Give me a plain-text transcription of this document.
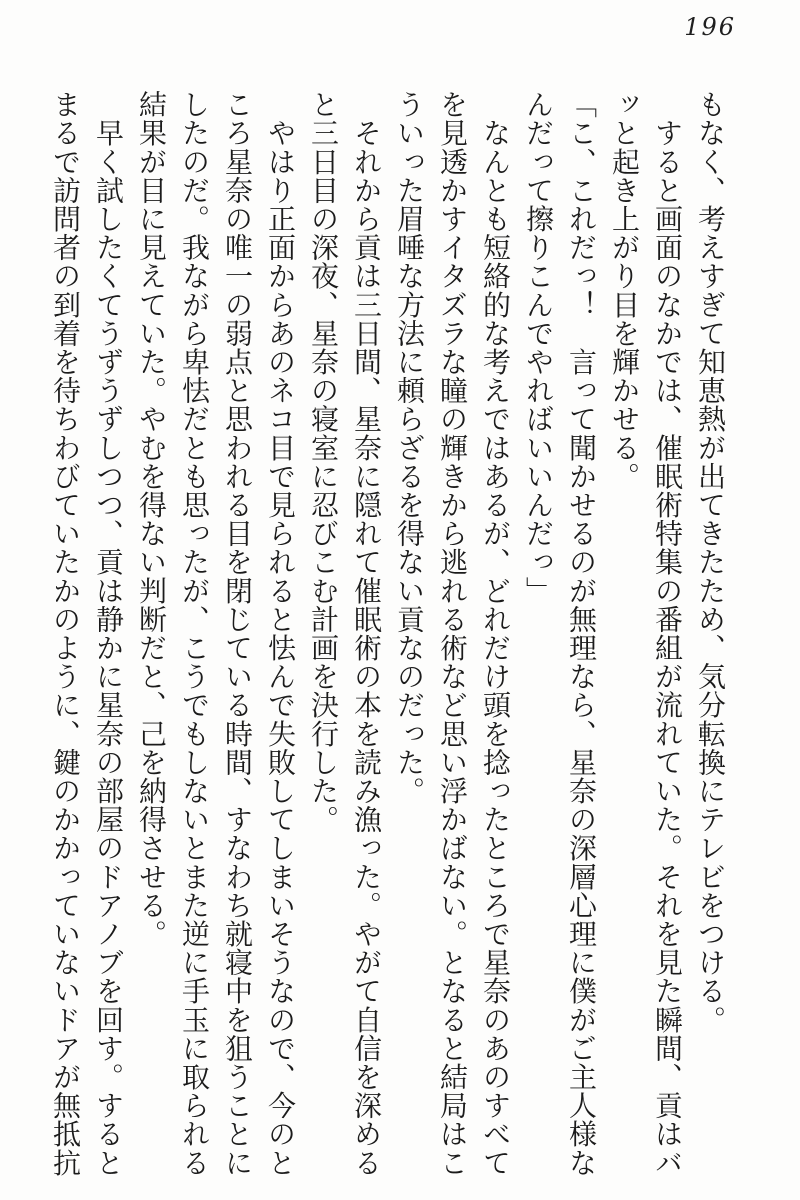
196

もなく、考えすぎて知恵熱が出てきたため、気分転換にテレビをつける。

　すると画面のなかでは、催眠術特集の番組が流れていた。それを見た瞬間、貢はバ

ッと起き上がり目を輝かせる。

「こ、これだっ！　言って聞かせるのが無理なら、星奈の深層心理に僕がご主人様な

んだって擦りこんでやればいいんだっ」

　なんとも短絡的な考えではあるが、どれだけ頭を捻ったところで星奈のあのすべて

を見透かすイタズラな瞳の輝きから逃れる術など思い浮かばない。となると結局はこ

ういった眉唾な方法に頼らざるを得ない貢なのだった。

　それから貢は三日間、星奈に隠れて催眠術の本を読み漁った。やがて自信を深める

と三日目の深夜、星奈の寝室に忍びこむ計画を決行した。

　やはり正面からあのネコ目で見られると怯んで失敗してしまいそうなので、今のと

ころ星奈の唯一の弱点と思われる目を閉じている時間、すなわち就寝中を狙うことに

したのだ。我ながら卑怯だとも思ったが、こうでもしないとまた逆に手玉に取られる

結果が目に見えていた。やむを得ない判断だと、己を納得させる。

　早く試したくてうずうずしつつ、貢は静かに星奈の部屋のドアノブを回す。すると

まるで訪問者の到着を待ちわびていたかのように、鍵のかかっていないドアが無抵抗
